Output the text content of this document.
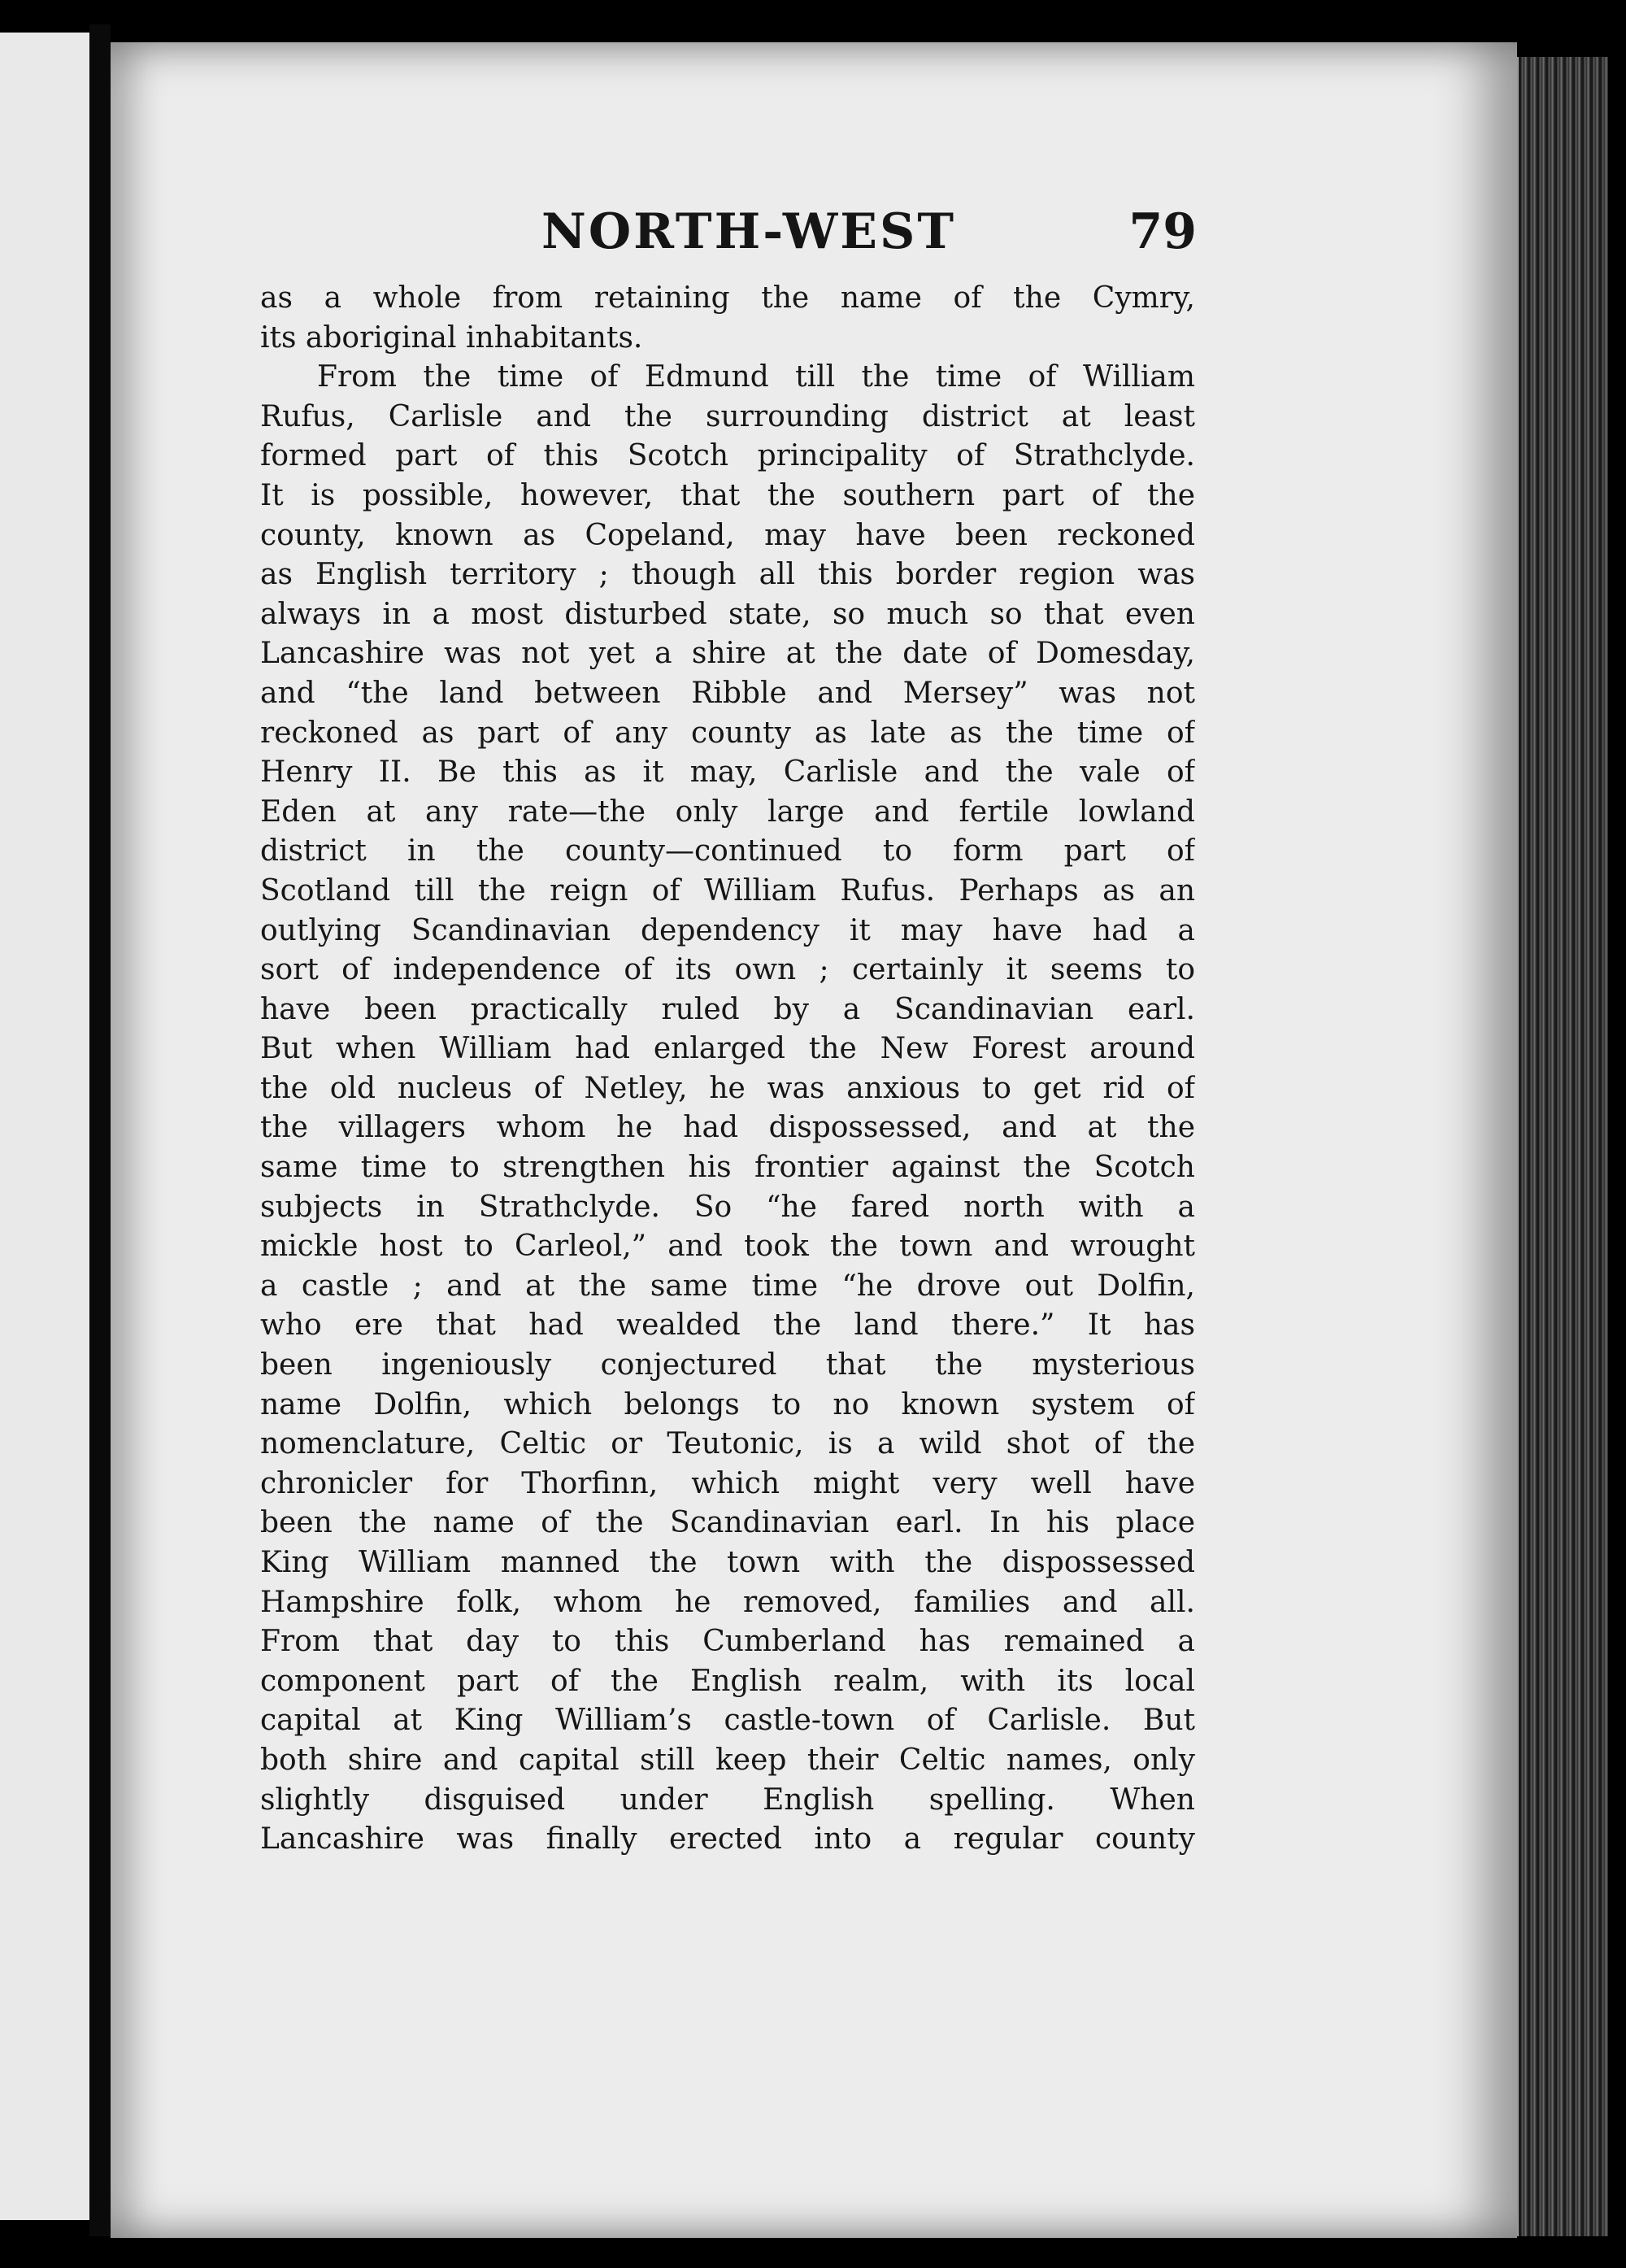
NORTH-WEST	79
as a whole from retaining the name of the Cymry,
its aboriginal inhabitants.
From the time of Edmund till the time of William
Rufus, Carlisle and the surrounding district at least
formed part of this Scotch principality of Strathclyde.
It is possible, however, that the southern part of the
county, known as Copeland, may have been reckoned
as English territory ; though all this border region was
always in a most disturbed state, so much so that even
Lancashire was not yet a shire at the date of Domesday,
and “the land between Ribble and Mersey” was not
reckoned as part of any county as late as the time of
Henry II. Be this as it may, Carlisle and the vale of
Eden at any rate—the only large and fertile lowland
district in the county—continued to form part of
Scotland till the reign of William Rufus. Perhaps as an
outlying Scandinavian dependency it may have had a
sort of independence of its own ; certainly it seems to
have been practically ruled by a Scandinavian earl.
But when William had enlarged the New Forest around
the old nucleus of Netley, he was anxious to get rid of
the villagers whom he had dispossessed, and at the
same time to strengthen his frontier against the Scotch
subjects in Strathclyde. So “he fared north with a
mickle host to Carleol,” and took the town and wrought
a castle ; and at the same time “he drove out Dolfin,
who ere that had wealded the land there.” It has
been ingeniously conjectured that the mysterious
name Dolfin, which belongs to no known system of
nomenclature, Celtic or Teutonic, is a wild shot of the
chronicler for Thorfinn, which might very well have
been the name of the Scandinavian earl. In his place
King William manned the town with the dispossessed
Hampshire folk, whom he removed, families and all.
From that day to this Cumberland has remained a
component part of the English realm, with its local
capital at King William’s castle-town of Carlisle. But
both shire and capital still keep their Celtic names, only
slightly disguised under English spelling. When
Lancashire was finally erected into a regular county
